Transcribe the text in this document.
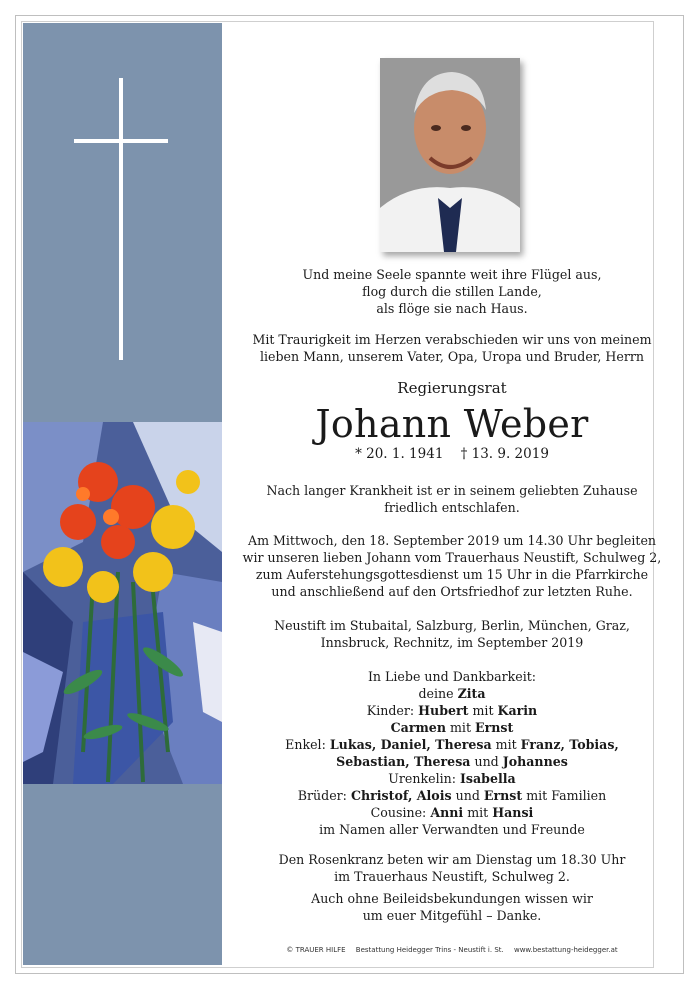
Und meine Seele spannte weit ihre Flügel aus,
flog durch die stillen Lande,
als flöge sie nach Haus.
Mit Traurigkeit im Herzen verabschieden wir uns von meinem
lieben Mann, unserem Vater, Opa, Uropa und Bruder, Herrn
Regierungsrat
Johann Weber
* 20. 1. 1941    † 13. 9. 2019
Nach langer Krankheit ist er in seinem geliebten Zuhause
friedlich entschlafen.
Am Mittwoch, den 18. September 2019 um 14.30 Uhr begleiten
wir unseren lieben Johann vom Trauerhaus Neustift, Schulweg 2,
zum Auferstehungsgottesdienst um 15 Uhr in die Pfarrkirche
und anschließend auf den Ortsfriedhof zur letzten Ruhe.
Neustift im Stubaital, Salzburg, Berlin, München, Graz,
Innsbruck, Rechnitz, im September 2019
In Liebe und Dankbarkeit:
deine Zita
Kinder: Hubert mit Karin
Carmen mit Ernst
Enkel: Lukas, Daniel, Theresa mit Franz, Tobias,
Sebastian, Theresa und Johannes
Urenkelin: Isabella
Brüder: Christof, Alois und Ernst mit Familien
Cousine: Anni mit Hansi
im Namen aller Verwandten und Freunde
Den Rosenkranz beten wir am Dienstag um 18.30 Uhr
im Trauerhaus Neustift, Schulweg 2.
Auch ohne Beileidsbekundungen wissen wir
um euer Mitgefühl – Danke.
© TRAUER HILFE Bestattung Heidegger Trins - Neustift i. St. www.bestattung-heidegger.at
